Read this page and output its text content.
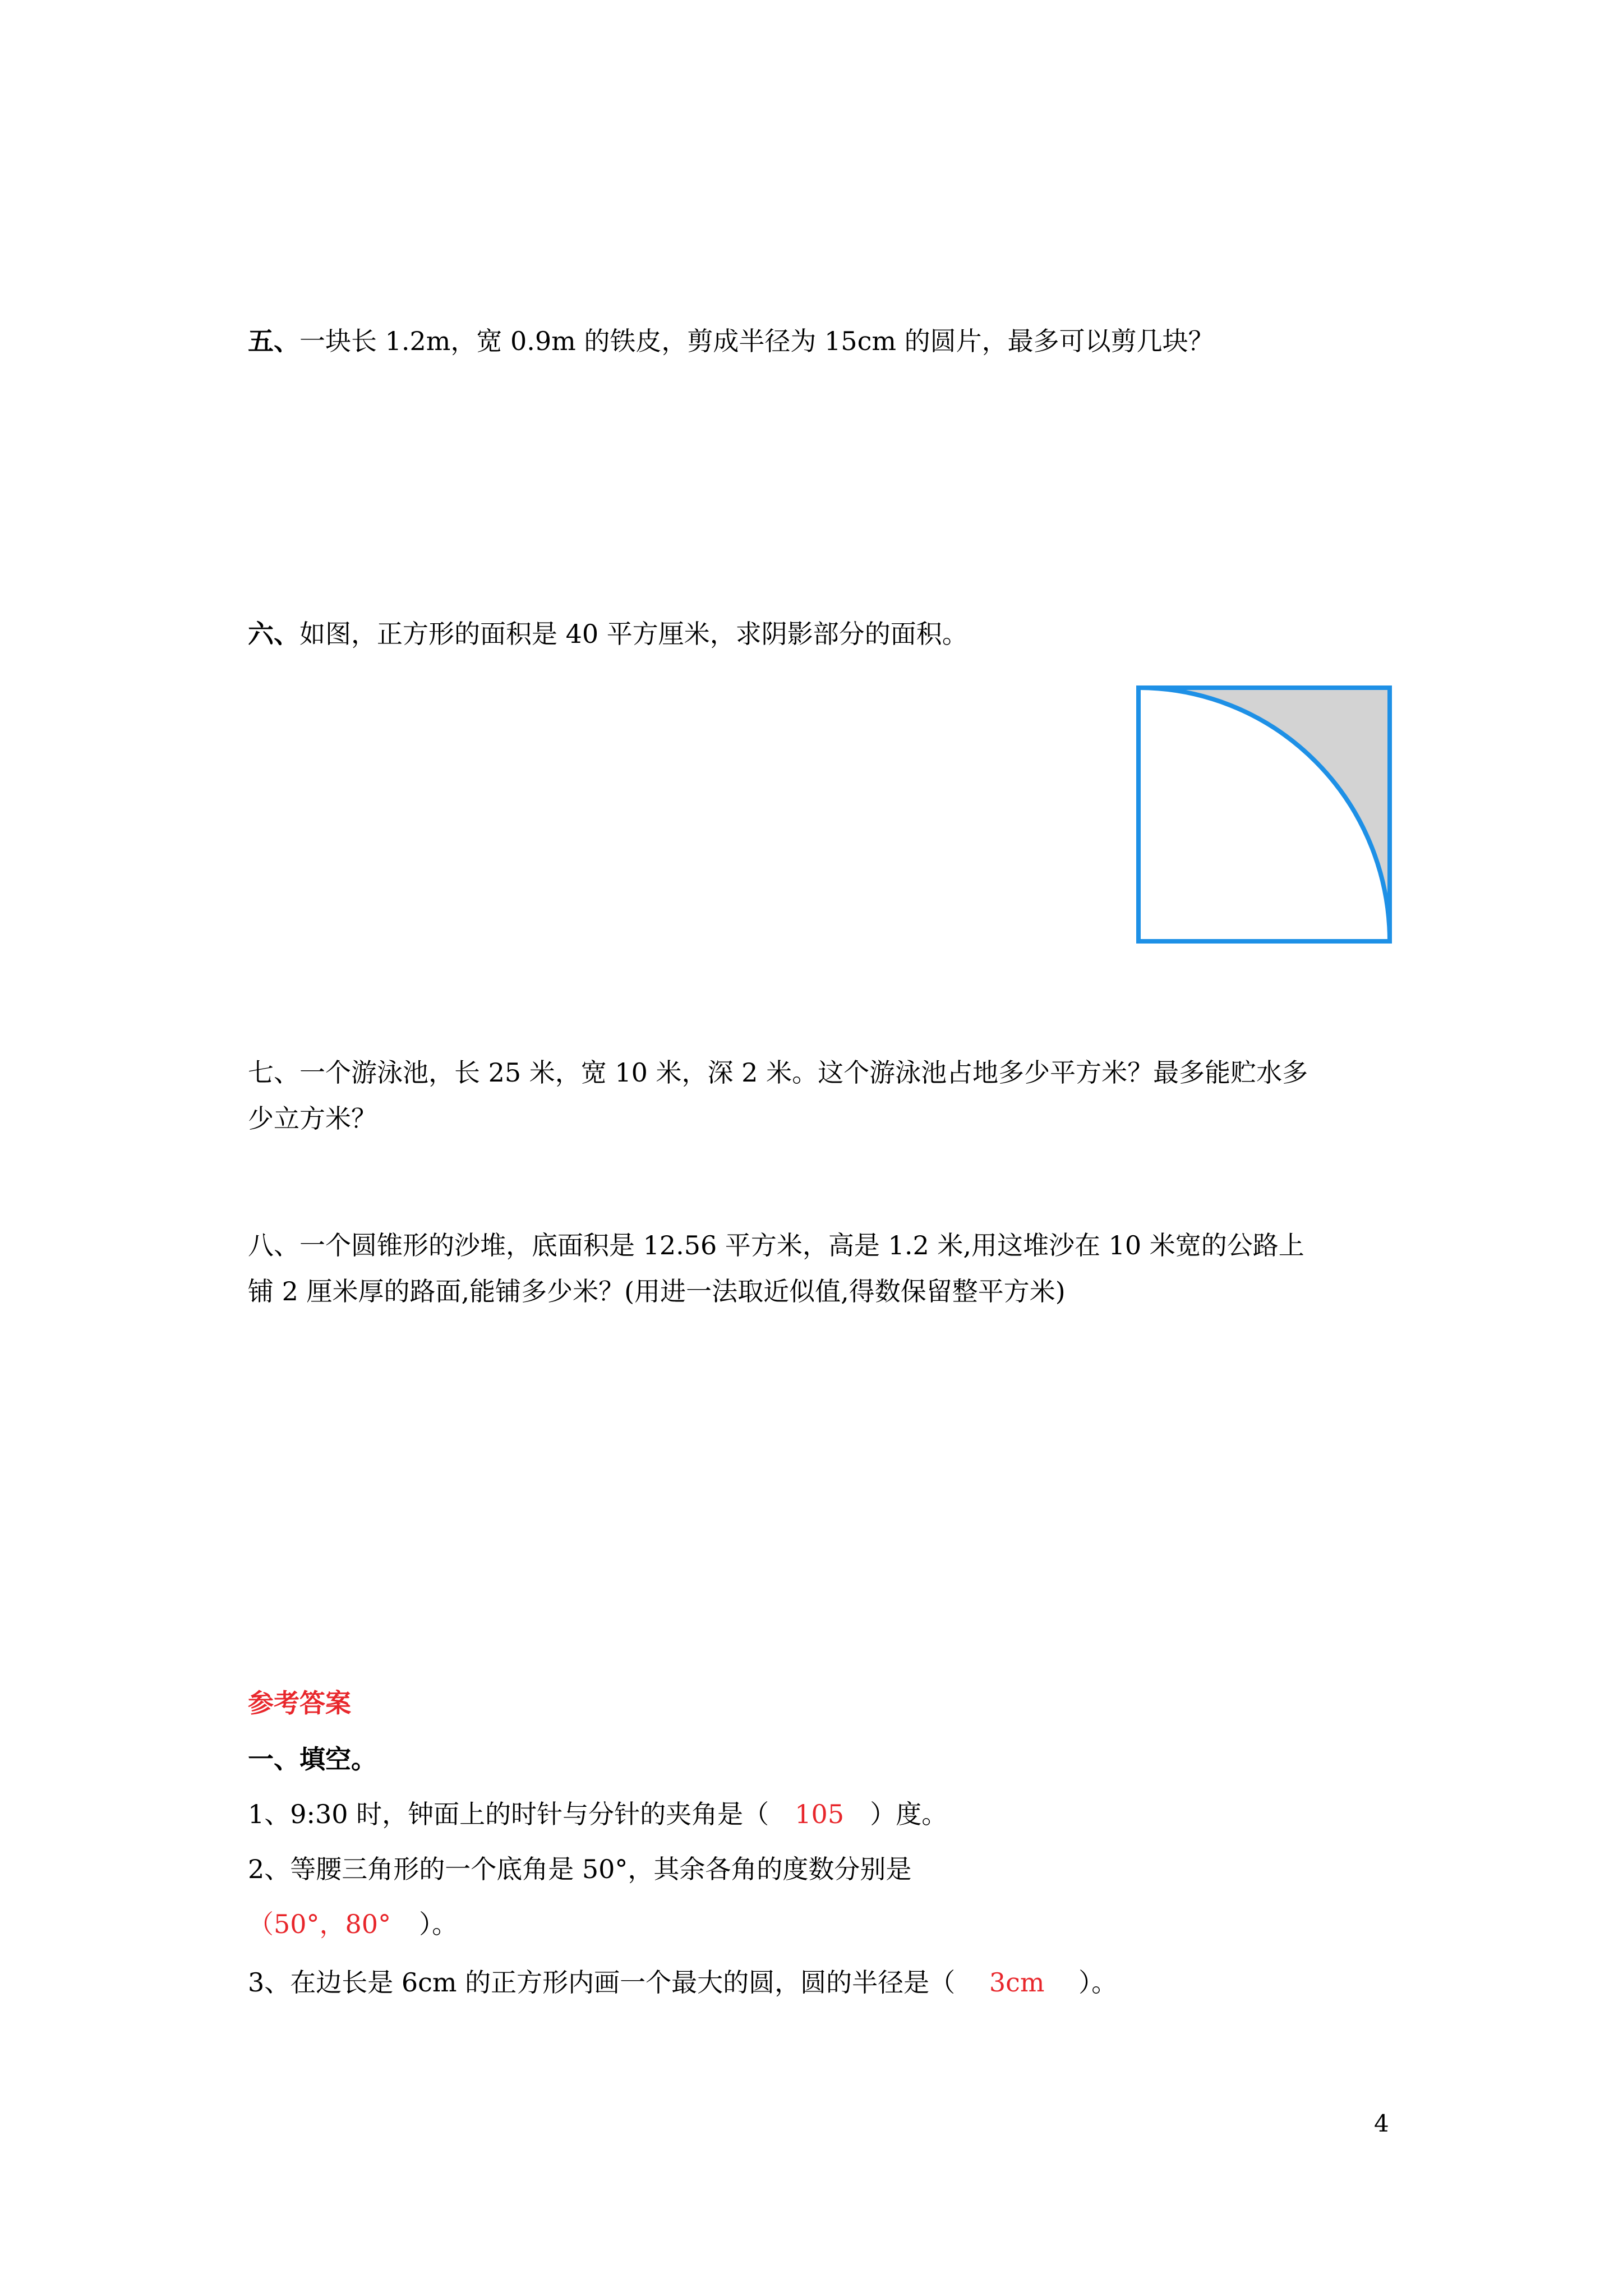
五、一块长 1.2m，宽 0.9m 的铁皮，剪成半径为 15cm 的圆片，最多可以剪几块？
六、如图，正方形的面积是 40 平方厘米，求阴影部分的面积。
七、一个游泳池，长 25 米，宽 10 米，深 2 米。这个游泳池占地多少平方米？最多能贮水多
少立方米？
八、一个圆锥形的沙堆，底面积是 12.56 平方米，高是 1.2 米,用这堆沙在 10 米宽的公路上
铺 2 厘米厚的路面,能铺多少米？(用进一法取近似值,得数保留整平方米)
参考答案
一、填空。
1、9:30 时，钟面上的时针与分针的夹角是（ 105 ）度。
2、等腰三角形的一个底角是 50°，其余各角的度数分别是
（50°，80° ）。
3、在边长是 6cm 的正方形内画一个最大的圆，圆的半径是（ 3cm ）。
4
